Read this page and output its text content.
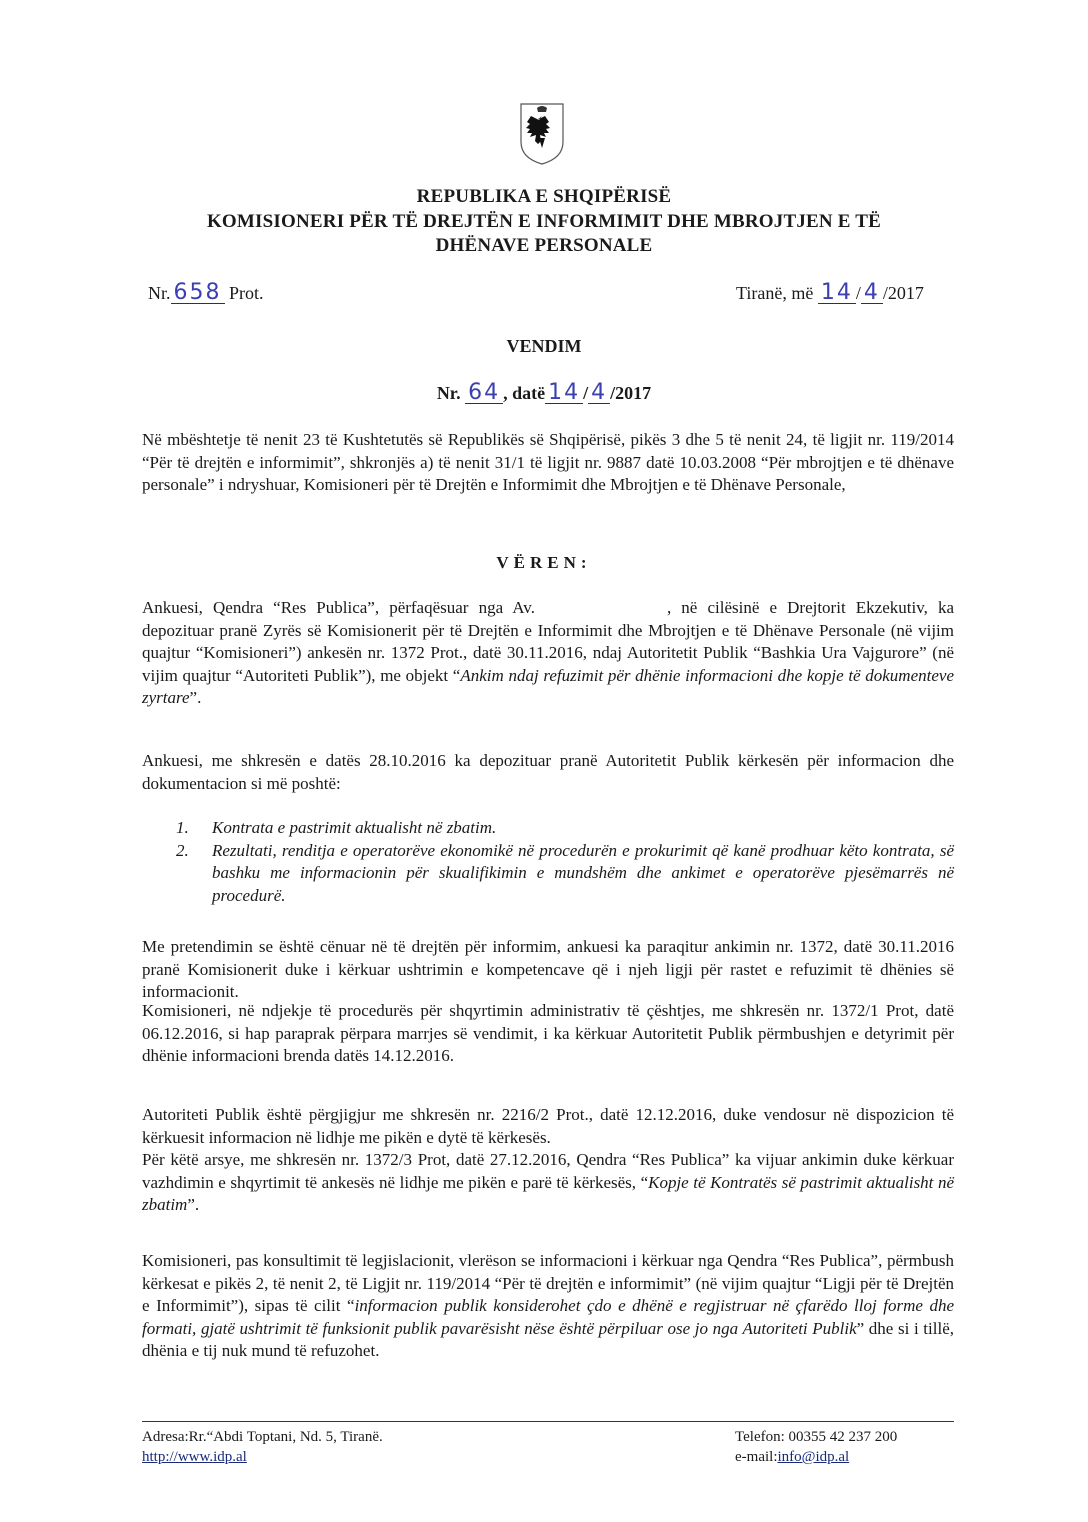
REPUBLIKA E SHQIPËRISË
KOMISIONERI PËR TË DREJTËN E INFORMIMIT DHE MBROJTJEN E TË
DHËNAVE PERSONALE
Nr. 658 Prot.	Tiranë, më 14 / 4 /2017
VENDIM
Nr. 64 , datë 14 / 4 /2017
Në mbështetje të nenit 23 të Kushtetutës së Republikës së Shqipërisë, pikës 3 dhe 5 të nenit 24, të ligjit nr. 119/2014 “Për të drejtën e informimit”, shkronjës a) të nenit 31/1 të ligjit nr. 9887 datë 10.03.2008 “Për mbrojtjen e të dhënave personale” i ndryshuar, Komisioneri për të Drejtën e Informimit dhe Mbrojtjen e të Dhënave Personale,
VËREN:
Ankuesi, Qendra “Res Publica”, përfaqësuar nga Av.	, në cilësinë e Drejtorit Ekzekutiv, ka depozituar pranë Zyrës së Komisionerit për të Drejtën e Informimit dhe Mbrojtjen e të Dhënave Personale (në vijim quajtur “Komisioneri”) ankesën nr. 1372 Prot., datë 30.11.2016, ndaj Autoritetit Publik “Bashkia Ura Vajgurore” (në vijim quajtur “Autoriteti Publik”), me objekt “Ankim ndaj refuzimit për dhënie informacioni dhe kopje të dokumenteve zyrtare”.
Ankuesi, me shkresën e datës 28.10.2016 ka depozituar pranë Autoritetit Publik kërkesën për informacion dhe dokumentacion si më poshtë:
1. Kontrata e pastrimit aktualisht në zbatim.
2. Rezultati, renditja e operatorëve ekonomikë në procedurën e prokurimit që kanë prodhuar këto kontrata, së bashku me informacionin për skualifikimin e mundshëm dhe ankimet e operatorëve pjesëmarrës në procedurë.
Me pretendimin se është cënuar në të drejtën për informim, ankuesi ka paraqitur ankimin nr. 1372, datë 30.11.2016 pranë Komisionerit duke i kërkuar ushtrimin e kompetencave që i njeh ligji për rastet e refuzimit të dhënies së informacionit.
Komisioneri, në ndjekje të procedurës për shqyrtimin administrativ të çështjes, me shkresën nr. 1372/1 Prot, datë 06.12.2016, si hap paraprak përpara marrjes së vendimit, i ka kërkuar Autoritetit Publik përmbushjen e detyrimit për dhënie informacioni brenda datës 14.12.2016.
Autoriteti Publik është përgjigjur me shkresën nr. 2216/2 Prot., datë 12.12.2016, duke vendosur në dispozicion të kërkuesit informacion në lidhje me pikën e dytë të kërkesës.
Për këtë arsye, me shkresën nr. 1372/3 Prot, datë 27.12.2016, Qendra “Res Publica” ka vijuar ankimin duke kërkuar vazhdimin e shqyrtimit të ankesës në lidhje me pikën e parë të kërkesës, “Kopje të Kontratës së pastrimit aktualisht në zbatim”.
Komisioneri, pas konsultimit të legjislacionit, vlerëson se informacioni i kërkuar nga Qendra “Res Publica”, përmbush kërkesat e pikës 2, të nenit 2, të Ligjit nr. 119/2014 “Për të drejtën e informimit” (në vijim quajtur “Ligji për të Drejtën e Informimit”), sipas të cilit “informacion publik konsiderohet çdo e dhënë e regjistruar në çfarëdo lloj forme dhe formati, gjatë ushtrimit të funksionit publik pavarësisht nëse është përpiluar ose jo nga Autoriteti Publik” dhe si i tillë, dhënia e tij nuk mund të refuzohet.
Adresa:Rr.“Abdi Toptani, Nd. 5, Tiranë.
http://www.idp.al
Telefon: 00355 42 237 200
e-mail:info@idp.al
